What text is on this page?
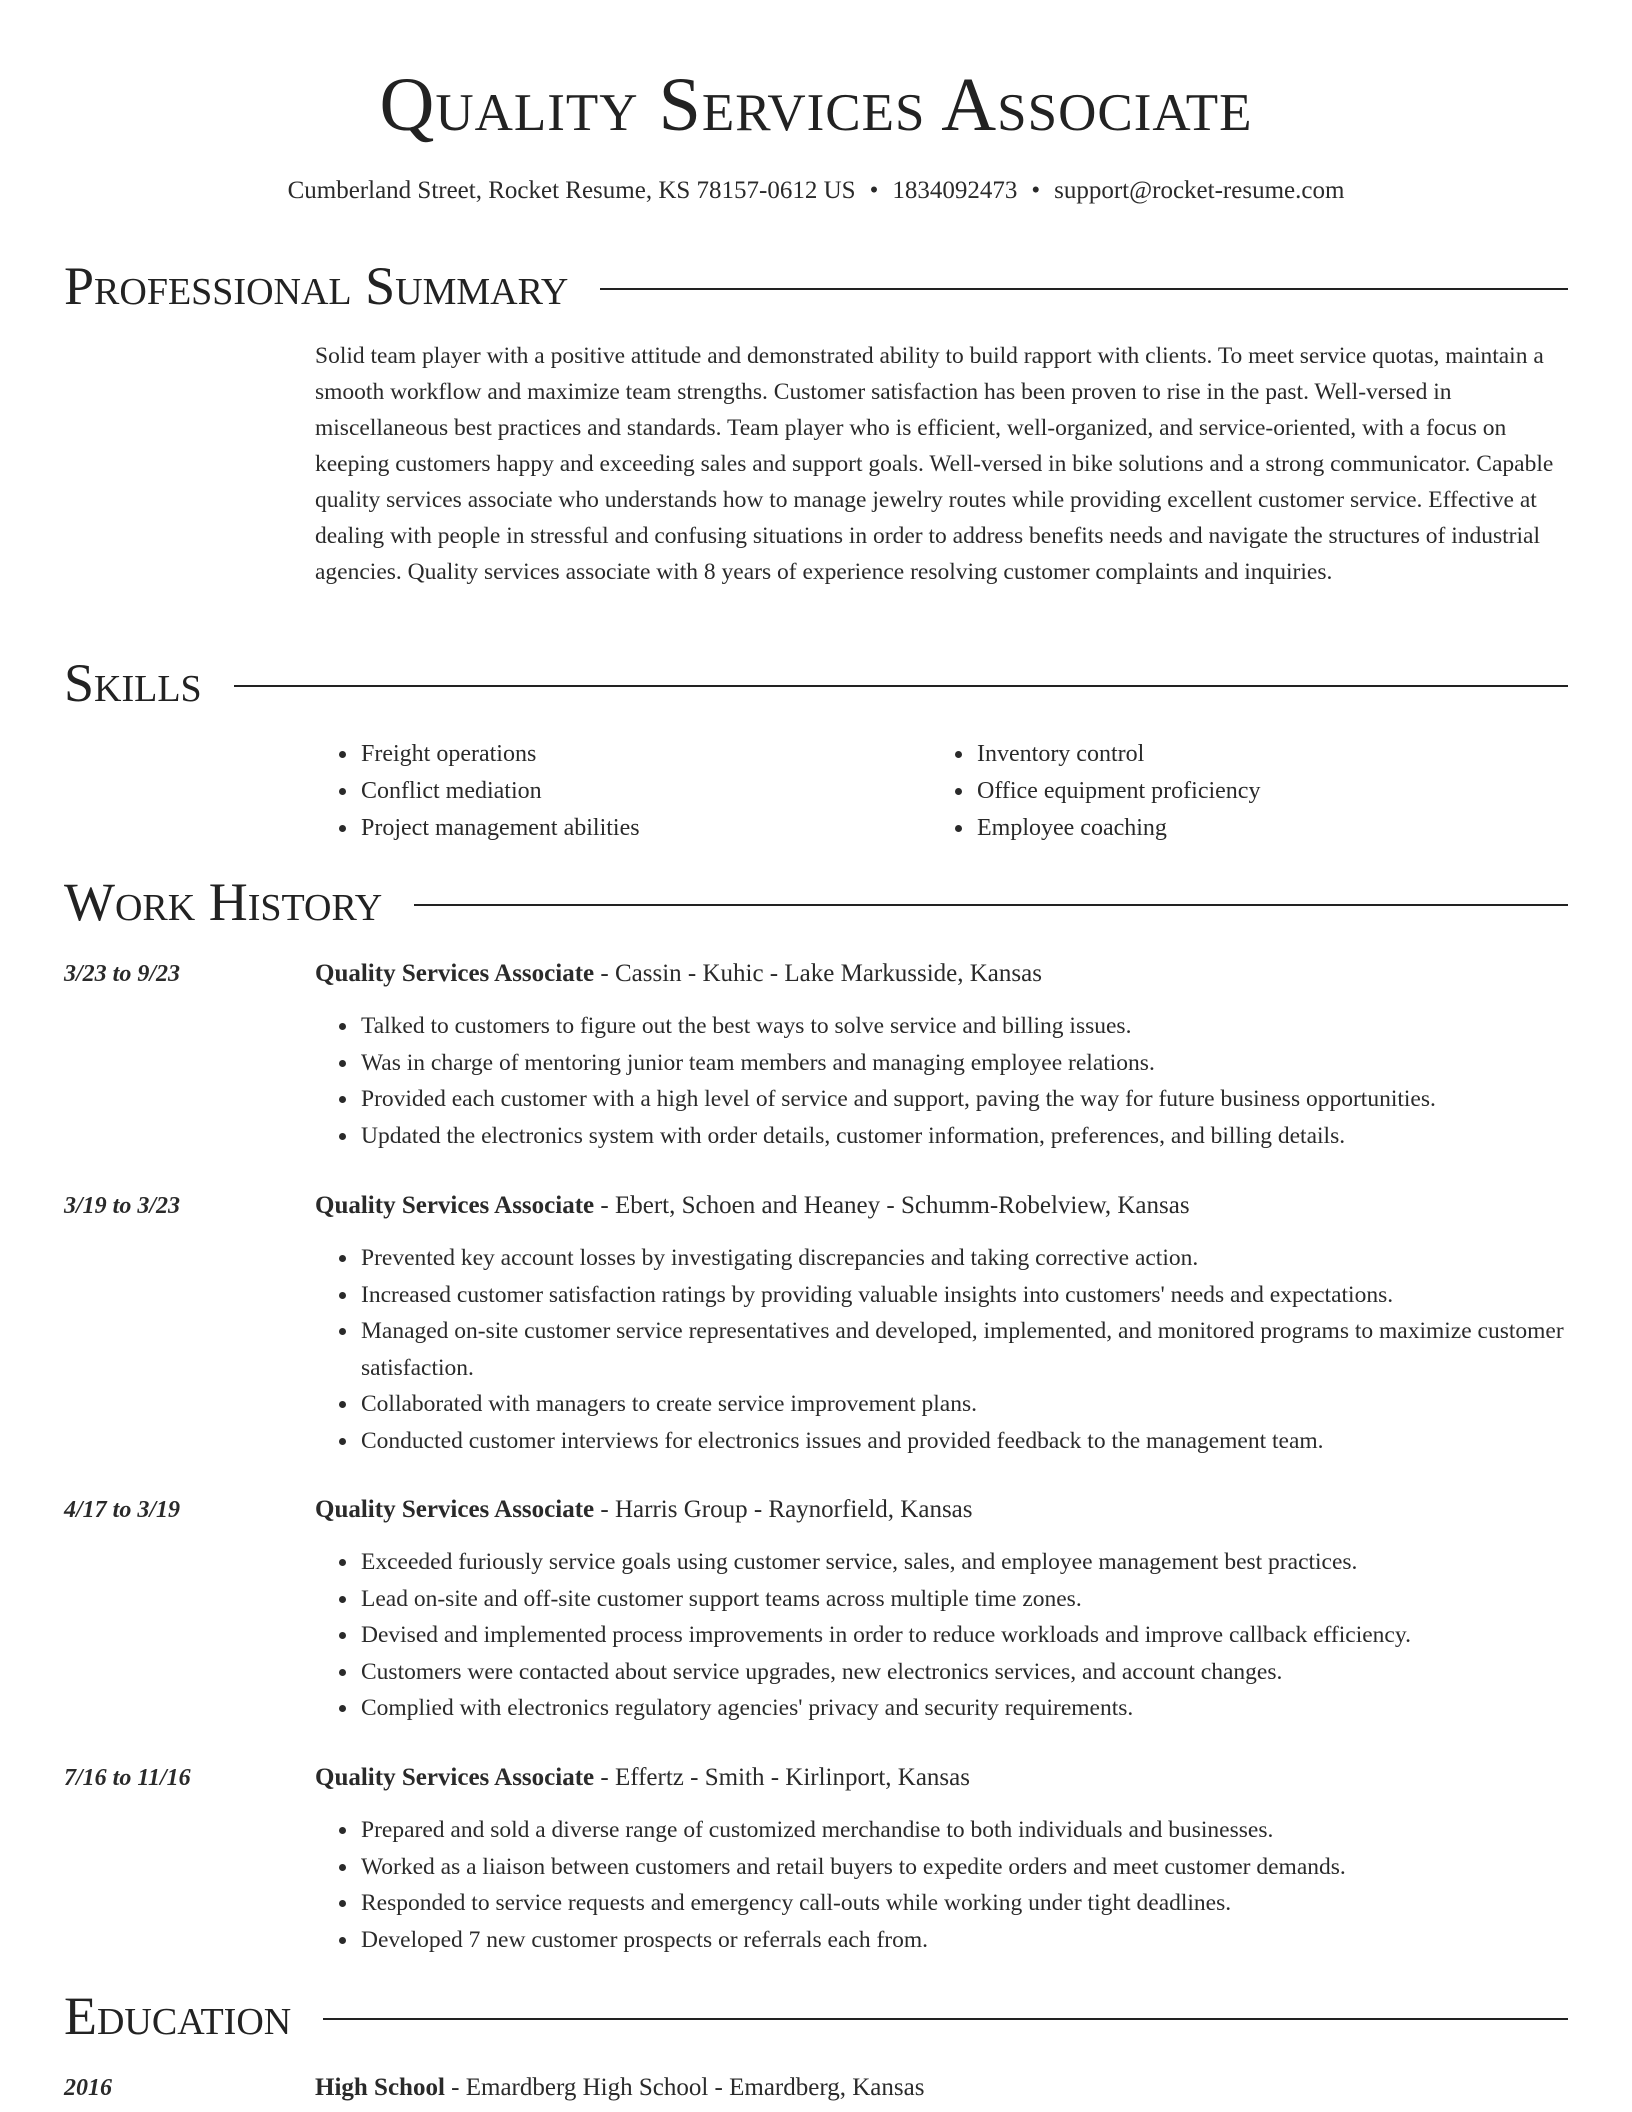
Quality Services Associate
Cumberland Street, Rocket Resume, KS 78157-0612 US • 1834092473 • support@rocket-resume.com
Professional Summary
Solid team player with a positive attitude and demonstrated ability to build rapport with clients. To meet service quotas, maintain a smooth workflow and maximize team strengths. Customer satisfaction has been proven to rise in the past. Well-versed in miscellaneous best practices and standards. Team player who is efficient, well-organized, and service-oriented, with a focus on keeping customers happy and exceeding sales and support goals. Well-versed in bike solutions and a strong communicator. Capable quality services associate who understands how to manage jewelry routes while providing excellent customer service. Effective at dealing with people in stressful and confusing situations in order to address benefits needs and navigate the structures of industrial agencies. Quality services associate with 8 years of experience resolving customer complaints and inquiries.
Skills
• Freight operations
• Conflict mediation
• Project management abilities
• Inventory control
• Office equipment proficiency
• Employee coaching
Work History
3/23 to 9/23	Quality Services Associate - Cassin - Kuhic - Lake Markusside, Kansas
• Talked to customers to figure out the best ways to solve service and billing issues.
• Was in charge of mentoring junior team members and managing employee relations.
• Provided each customer with a high level of service and support, paving the way for future business opportunities.
• Updated the electronics system with order details, customer information, preferences, and billing details.
3/19 to 3/23	Quality Services Associate - Ebert, Schoen and Heaney - Schumm-Robelview, Kansas
• Prevented key account losses by investigating discrepancies and taking corrective action.
• Increased customer satisfaction ratings by providing valuable insights into customers' needs and expectations.
• Managed on-site customer service representatives and developed, implemented, and monitored programs to maximize customer satisfaction.
• Collaborated with managers to create service improvement plans.
• Conducted customer interviews for electronics issues and provided feedback to the management team.
4/17 to 3/19	Quality Services Associate - Harris Group - Raynorfield, Kansas
• Exceeded furiously service goals using customer service, sales, and employee management best practices.
• Lead on-site and off-site customer support teams across multiple time zones.
• Devised and implemented process improvements in order to reduce workloads and improve callback efficiency.
• Customers were contacted about service upgrades, new electronics services, and account changes.
• Complied with electronics regulatory agencies' privacy and security requirements.
7/16 to 11/16	Quality Services Associate - Effertz - Smith - Kirlinport, Kansas
• Prepared and sold a diverse range of customized merchandise to both individuals and businesses.
• Worked as a liaison between customers and retail buyers to expedite orders and meet customer demands.
• Responded to service requests and emergency call-outs while working under tight deadlines.
• Developed 7 new customer prospects or referrals each from.
Education
2016	High School - Emardberg High School - Emardberg, Kansas
